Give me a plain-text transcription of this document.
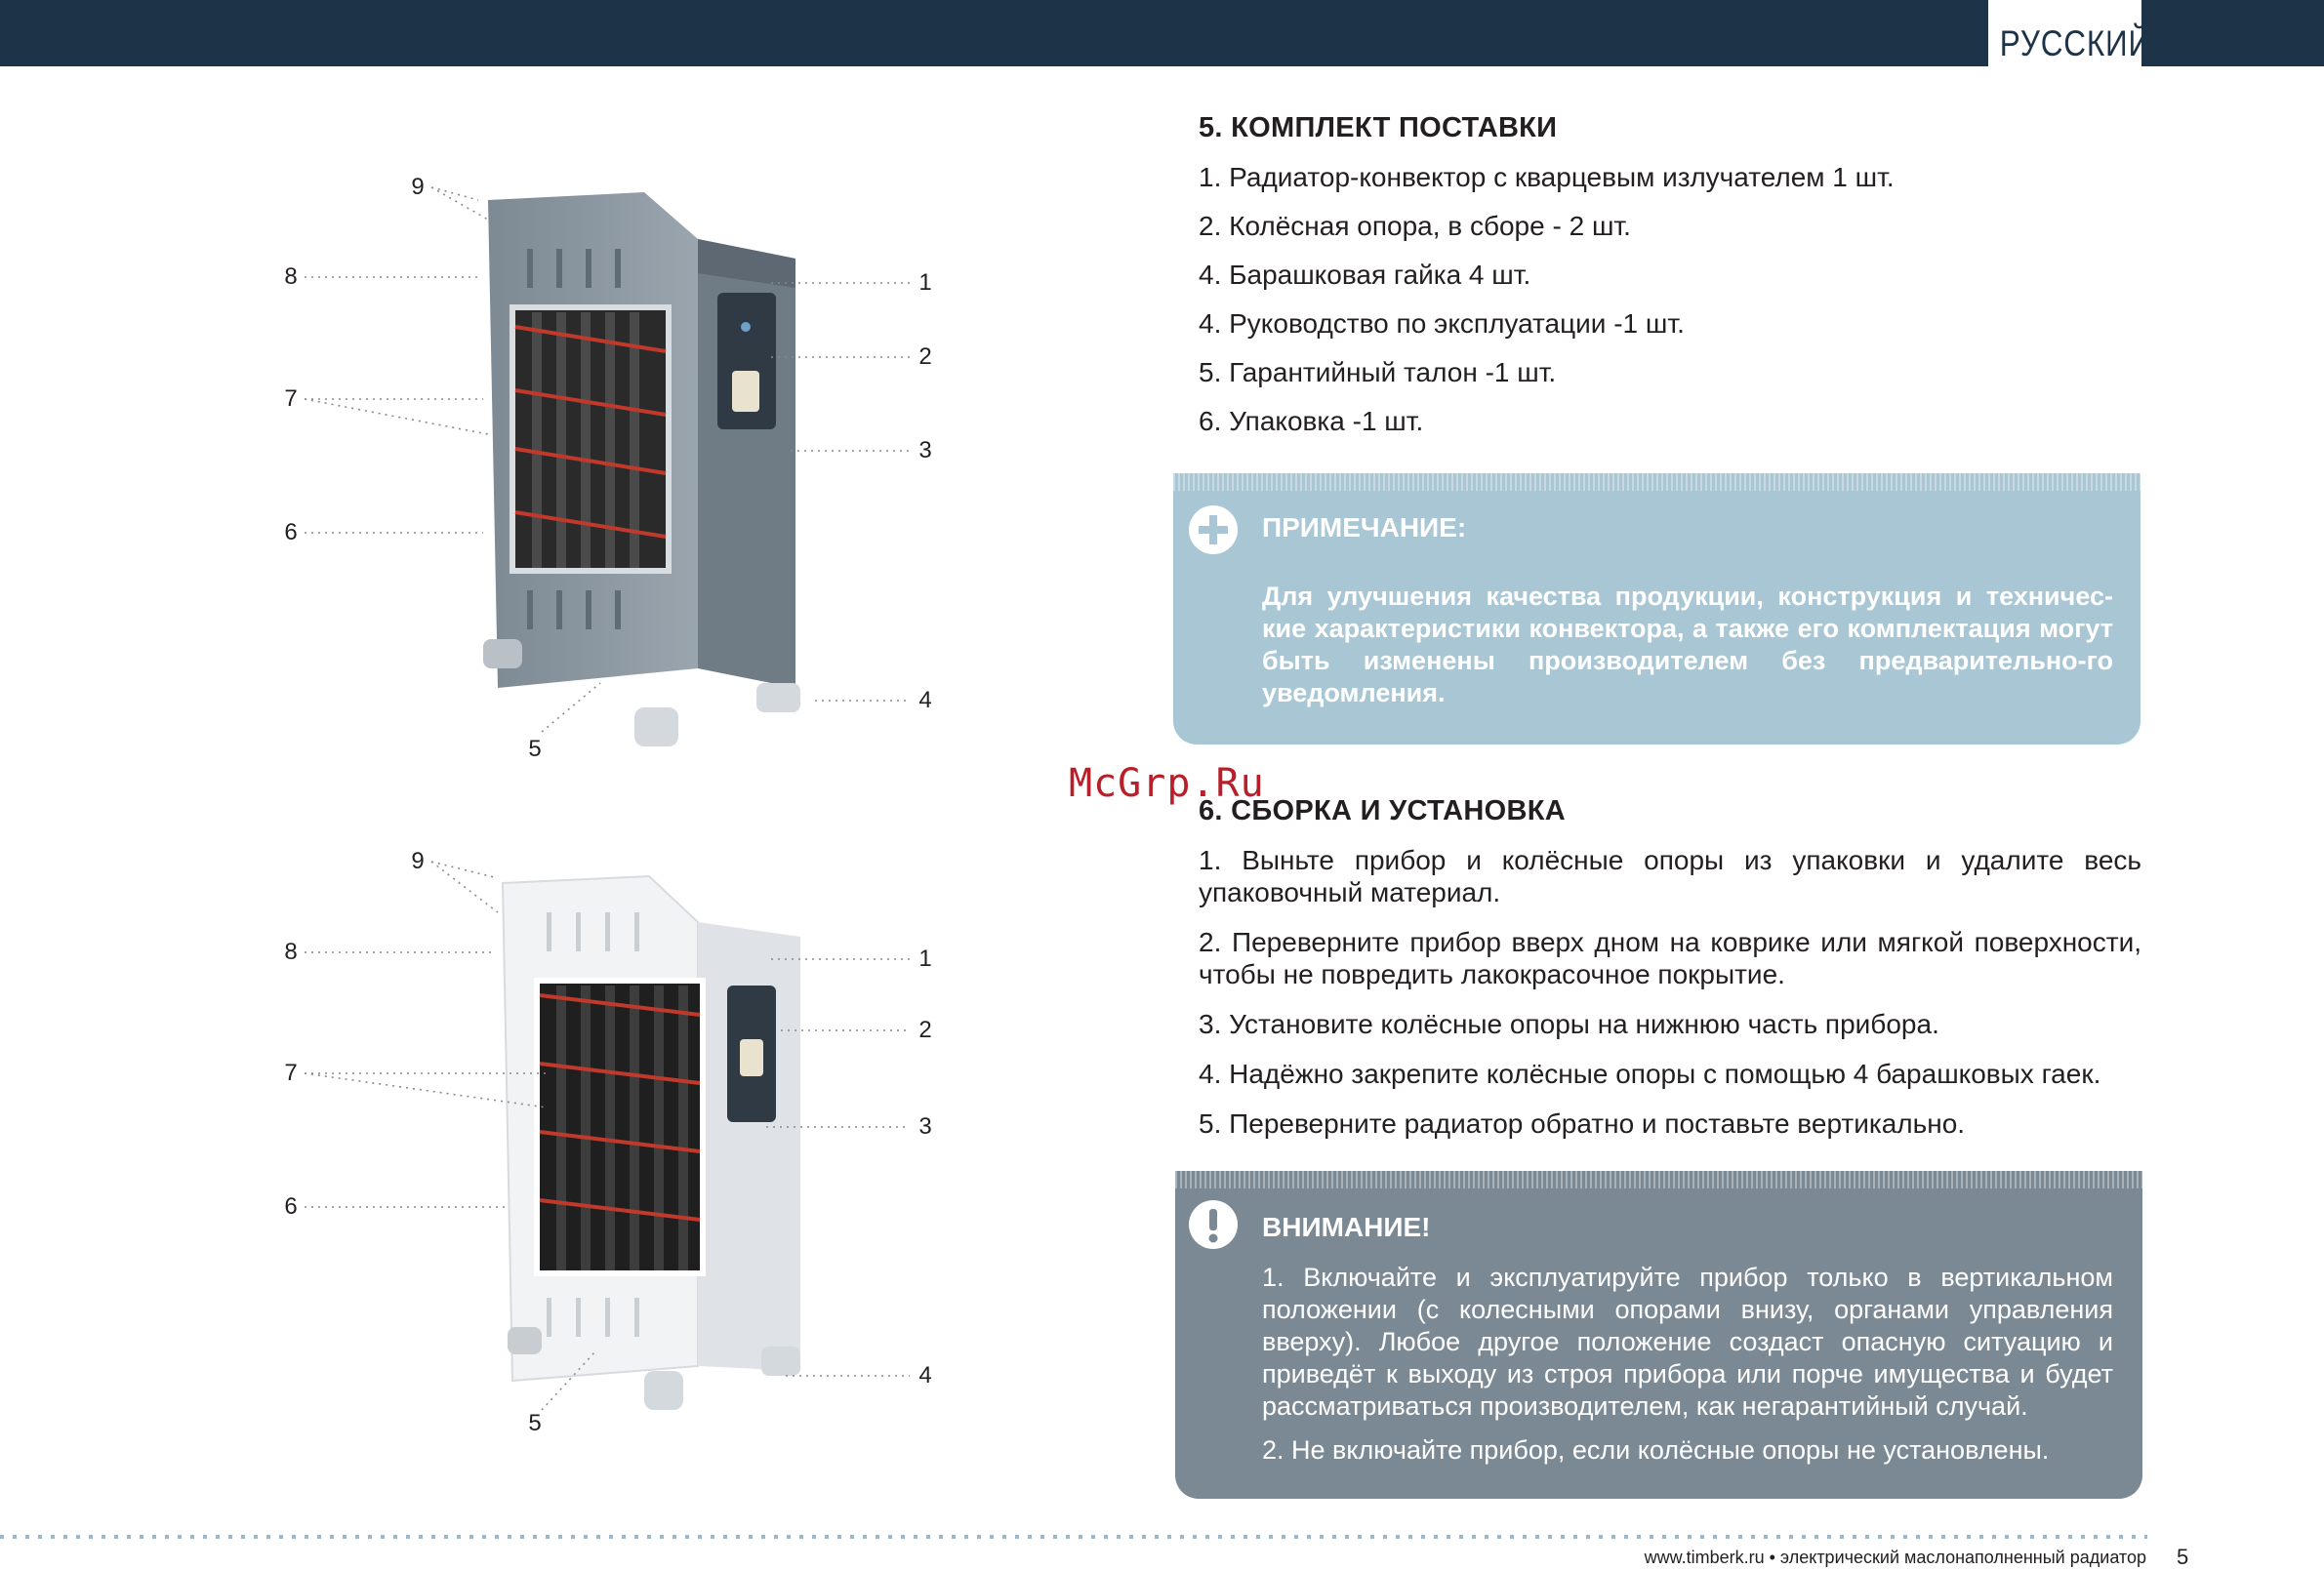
РУССКИЙ
9
8
7
6
5
1
2
3
4
9
8
7
6
5
1
2
3
4
5. КОМПЛЕКТ ПОСТАВКИ
1. Радиатор-конвектор с кварцевым излучателем 1 шт.
2. Колёсная опора, в сборе - 2 шт.
4. Барашковая гайка 4 шт.
4. Руководство по эксплуатации -1 шт.
5. Гарантийный талон -1 шт.
6. Упаковка -1 шт.
ПРИМЕЧАНИЕ:
Для улучшения качества продукции, конструкция и техничес-кие характеристики конвектора, а также его комплектация могут быть изменены производителем без предварительно-го уведомления.
McGrp.Ru
6. СБОРКА И УСТАНОВКА
1. Выньте прибор и колёсные опоры из упаковки и удалите весь упаковочный материал.
2. Переверните прибор вверх дном на коврике или мягкой поверхности, чтобы не повредить лакокрасочное покрытие.
3. Установите колёсные опоры на нижнюю часть прибора.
4. Надёжно закрепите колёсные опоры с помощью 4 барашковых гаек.
5. Переверните радиатор обратно и поставьте вертикально.
ВНИМАНИЕ!
1. Включайте и эксплуатируйте прибор только в вертикальном положении (с колесными опорами внизу, органами управления вверху). Любое другое положение создаст опасную ситуацию и приведёт к выходу из строя прибора или порче имущества и будет рассматриваться производителем, как негарантийный случай.
2. Не включайте прибор, если колёсные опоры не установлены.
www.timberk.ru • электрический маслонаполненный радиатор 5
